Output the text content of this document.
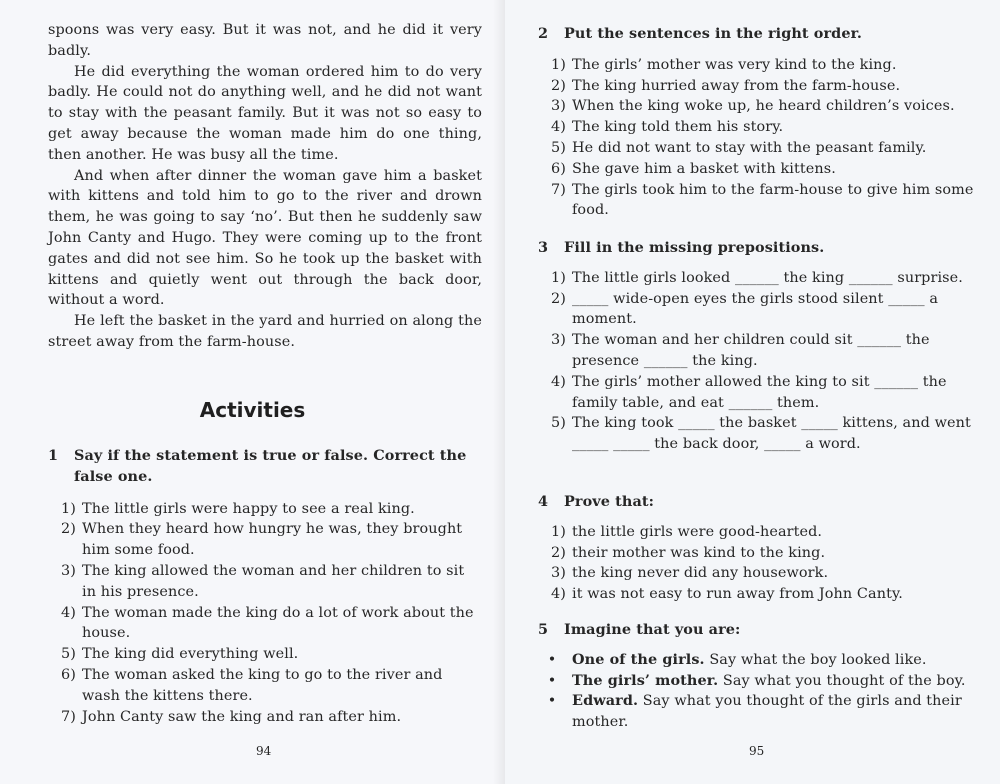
spoons was very easy. But it was not, and he did it very badly.

He did everything the woman ordered him to do very badly. He could not do anything well, and he did not want to stay with the peasant family. But it was not so easy to get away because the woman made him do one thing, then another. He was busy all the time.

And when after dinner the woman gave him a basket with kittens and told him to go to the river and drown them, he was going to say ‘no’. But then he suddenly saw John Canty and Hugo. They were coming up to the front gates and did not see him. So he took up the basket with kittens and quietly went out through the back door, without a word.

He left the basket in the yard and hurried on along the street away from the farm-house.

Activities
1	Say if the statement is true or false. Correct the false one.
1) The little girls were happy to see a real king.
2) When they heard how hungry he was, they brought him some food.
3) The king allowed the woman and her children to sit in his presence.
4) The woman made the king do a lot of work about the house.
5) The king did everything well.
6) The woman asked the king to go to the river and wash the kittens there.
7) John Canty saw the king and ran after him.
94
2	Put the sentences in the right order.
1) The girls’ mother was very kind to the king.
2) The king hurried away from the farm-house.
3) When the king woke up, he heard children’s voices.
4) The king told them his story.
5) He did not want to stay with the peasant family.
6) She gave him a basket with kittens.
7) The girls took him to the farm-house to give him some food.
3	Fill in the missing prepositions.
1) The little girls looked ______ the king ______ surprise.
2) _____ wide-open eyes the girls stood silent _____ a moment.
3) The woman and her children could sit ______ the presence ______ the king.
4) The girls’ mother allowed the king to sit ______ the family table, and eat ______ them.
5) The king took _____ the basket _____ kittens, and went _____ _____ the back door, _____ a word.
4	Prove that:
1) the little girls were good-hearted.
2) their mother was kind to the king.
3) the king never did any housework.
4) it was not easy to run away from John Canty.
5	Imagine that you are:
•	One of the girls. Say what the boy looked like.
•	The girls’ mother. Say what you thought of the boy.
•	Edward. Say what you thought of the girls and their mother.
95
